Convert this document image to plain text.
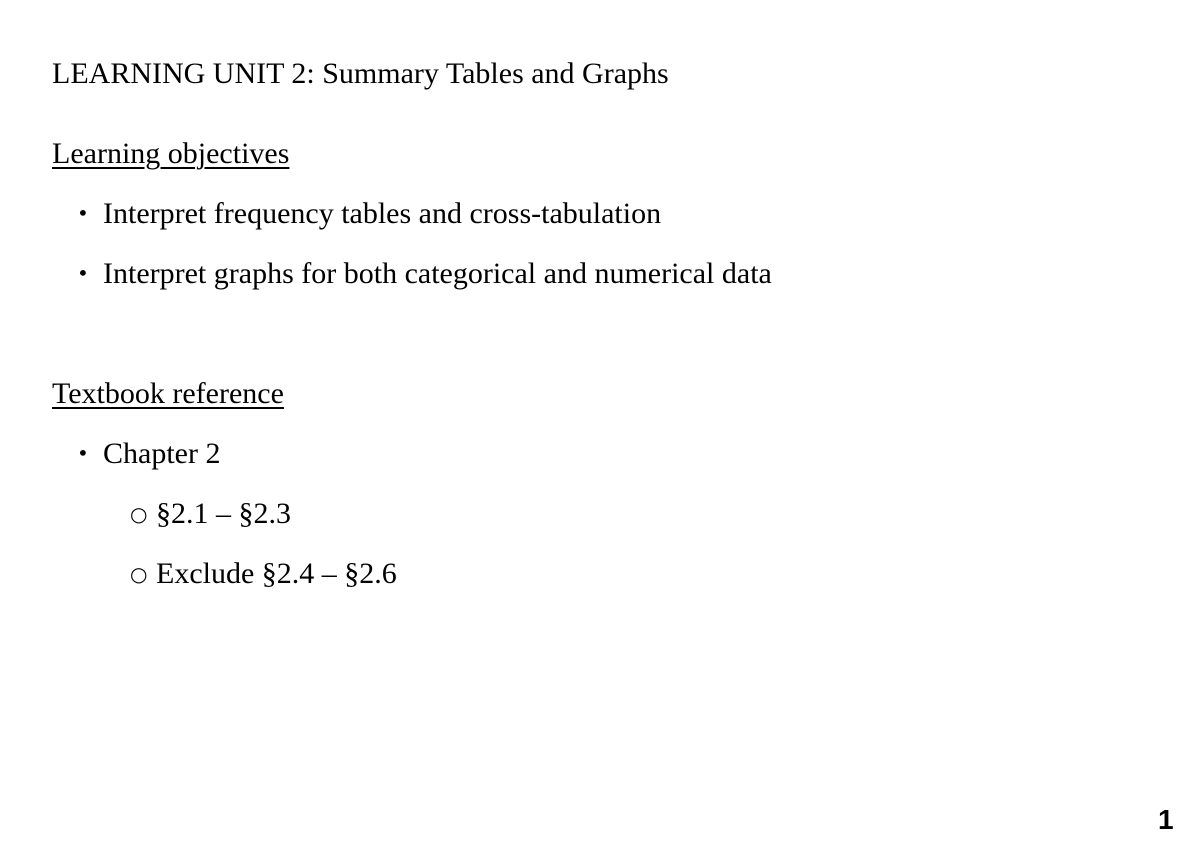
LEARNING UNIT 2: Summary Tables and Graphs
Learning objectives
• Interpret frequency tables and cross-tabulation
• Interpret graphs for both categorical and numerical data
Textbook reference
• Chapter 2
○ §2.1 – §2.3
○ Exclude §2.4 – §2.6
1
